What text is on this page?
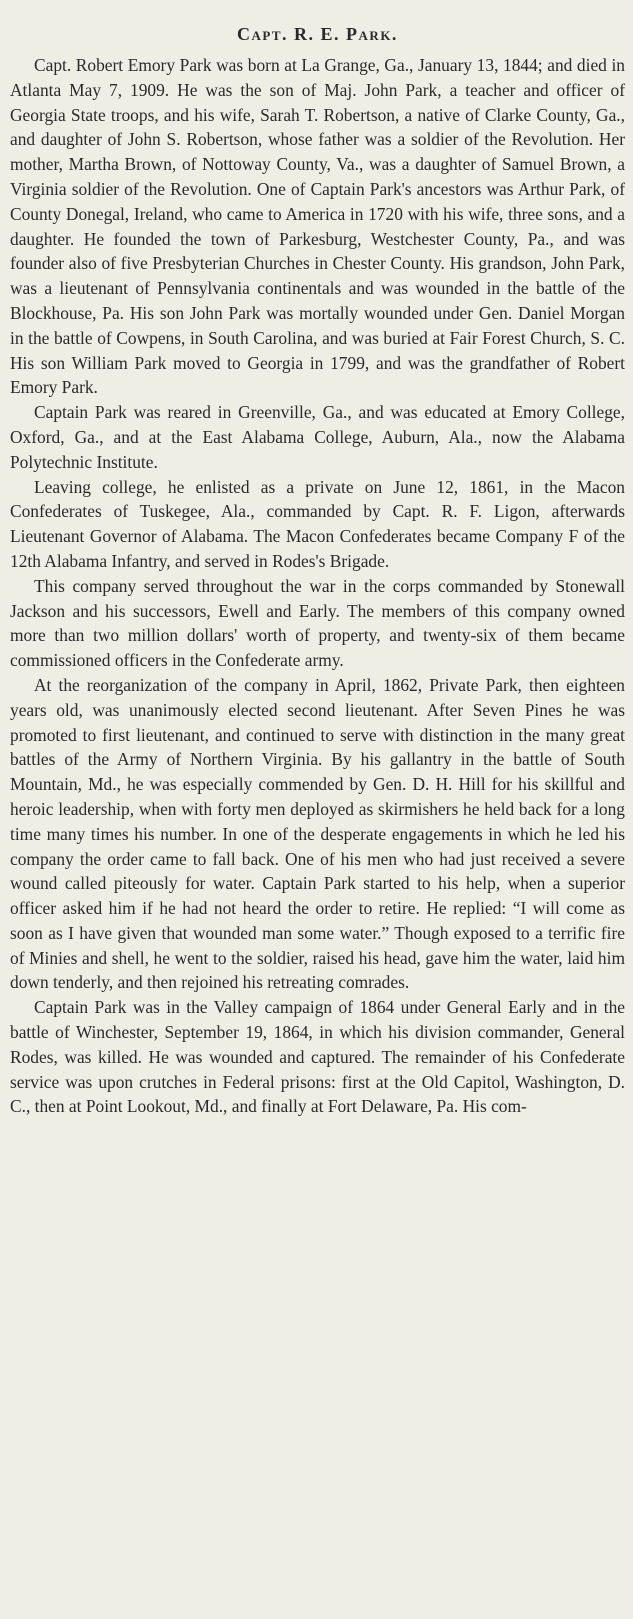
Capt. R. E. Park.

Capt. Robert Emory Park was born at La Grange, Ga., January 13, 1844; and died in Atlanta May 7, 1909. He was the son of Maj. John Park, a teacher and officer of Georgia State troops, and his wife, Sarah T. Robertson, a native of Clarke County, Ga., and daughter of John S. Robertson, whose father was a soldier of the Revolution. Her mother, Martha Brown, of Nottoway County, Va., was a daughter of Samuel Brown, a Virginia soldier of the Revolution. One of Captain Park's ancestors was Arthur Park, of County Donegal, Ireland, who came to America in 1720 with his wife, three sons, and a daughter. He founded the town of Parkesburg, Westchester County, Pa., and was founder also of five Presbyterian Churches in Chester County. His grandson, John Park, was a lieutenant of Pennsylvania continentals and was wounded in the battle of the Blockhouse, Pa. His son John Park was mortally wounded under Gen. Daniel Morgan in the battle of Cowpens, in South Carolina, and was buried at Fair Forest Church, S. C. His son William Park moved to Georgia in 1799, and was the grandfather of Robert Emory Park.

Captain Park was reared in Greenville, Ga., and was educated at Emory College, Oxford, Ga., and at the East Alabama College, Auburn, Ala., now the Alabama Polytechnic Institute.

Leaving college, he enlisted as a private on June 12, 1861, in the Macon Confederates of Tuskegee, Ala., commanded by Capt. R. F. Ligon, afterwards Lieutenant Governor of Alabama. The Macon Confederates became Company F of the 12th Alabama Infantry, and served in Rodes's Brigade.

This company served throughout the war in the corps commanded by Stonewall Jackson and his successors, Ewell and Early. The members of this company owned more than two million dollars' worth of property, and twenty-six of them became commissioned officers in the Confederate army.

At the reorganization of the company in April, 1862, Private Park, then eighteen years old, was unanimously elected second lieutenant. After Seven Pines he was promoted to first lieutenant, and continued to serve with distinction in the many great battles of the Army of Northern Virginia. By his gallantry in the battle of South Mountain, Md., he was especially commended by Gen. D. H. Hill for his skillful and heroic leadership, when with forty men deployed as skirmishers he held back for a long time many times his number. In one of the desperate engagements in which he led his company the order came to fall back. One of his men who had just received a severe wound called piteously for water. Captain Park started to his help, when a superior officer asked him if he had not heard the order to retire. He replied: “I will come as soon as I have given that wounded man some water.” Though exposed to a terrific fire of Minies and shell, he went to the soldier, raised his head, gave him the water, laid him down tenderly, and then rejoined his retreating comrades.

Captain Park was in the Valley campaign of 1864 under General Early and in the battle of Winchester, September 19, 1864, in which his division commander, General Rodes, was killed. He was wounded and captured. The remainder of his Confederate service was upon crutches in Federal prisons: first at the Old Capitol, Washington, D. C., then at Point Lookout, Md., and finally at Fort Delaware, Pa. His com-
